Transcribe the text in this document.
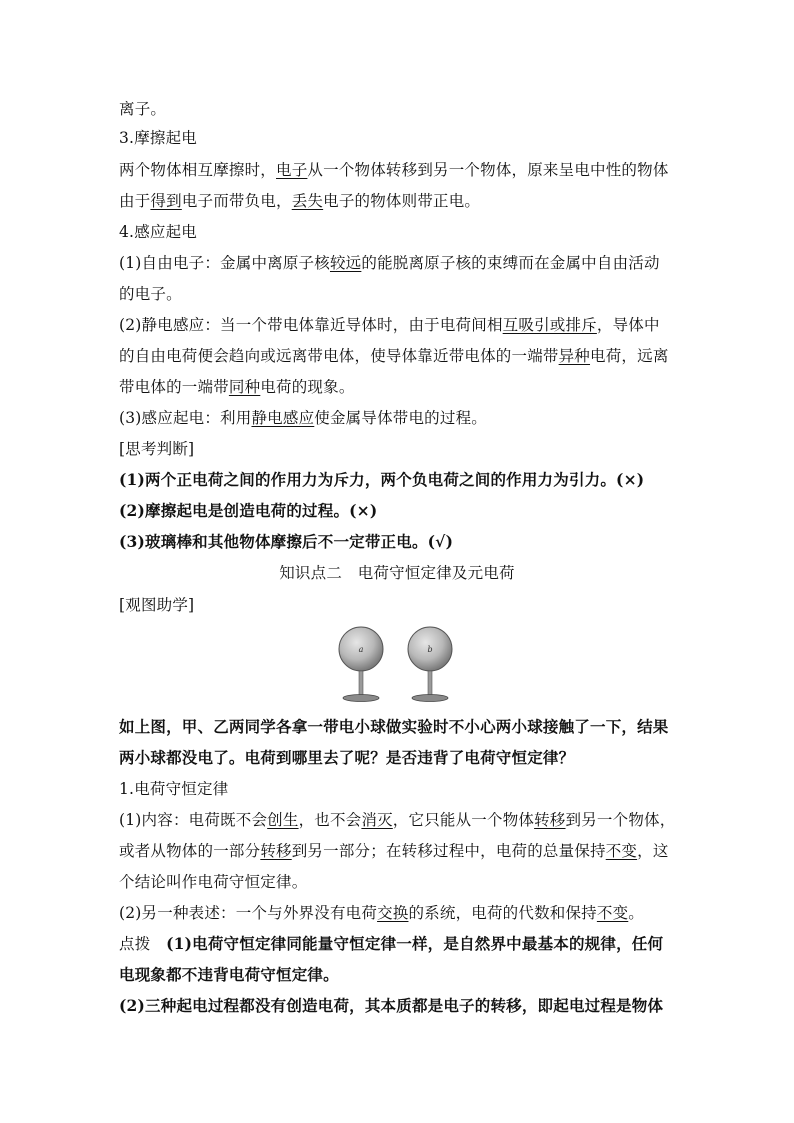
离子。
3.摩擦起电
两个物体相互摩擦时，电子从一个物体转移到另一个物体，原来呈电中性的物体
由于得到电子而带负电，丢失电子的物体则带正电。
4.感应起电
(1)自由电子：金属中离原子核较远的能脱离原子核的束缚而在金属中自由活动
的电子。
(2)静电感应：当一个带电体靠近导体时，由于电荷间相互吸引或排斥，导体中
的自由电荷便会趋向或远离带电体，使导体靠近带电体的一端带异种电荷，远离
带电体的一端带同种电荷的现象。
(3)感应起电：利用静电感应使金属导体带电的过程。
[思考判断]
(1)两个正电荷之间的作用力为斥力，两个负电荷之间的作用力为引力。(×)
(2)摩擦起电是创造电荷的过程。(×)
(3)玻璃棒和其他物体摩擦后不一定带正电。(√)
知识点二　电荷守恒定律及元电荷
[观图助学]
如上图，甲、乙两同学各拿一带电小球做实验时不小心两小球接触了一下，结果
两小球都没电了。电荷到哪里去了呢？是否违背了电荷守恒定律？
1.电荷守恒定律
(1)内容：电荷既不会创生，也不会消灭，它只能从一个物体转移到另一个物体，
或者从物体的一部分转移到另一部分；在转移过程中，电荷的总量保持不变，这
个结论叫作电荷守恒定律。
(2)另一种表述：一个与外界没有电荷交换的系统，电荷的代数和保持不变。
点拨　(1)电荷守恒定律同能量守恒定律一样，是自然界中最基本的规律，任何
电现象都不违背电荷守恒定律。
(2)三种起电过程都没有创造电荷，其本质都是电子的转移，即起电过程是物体
a	b
